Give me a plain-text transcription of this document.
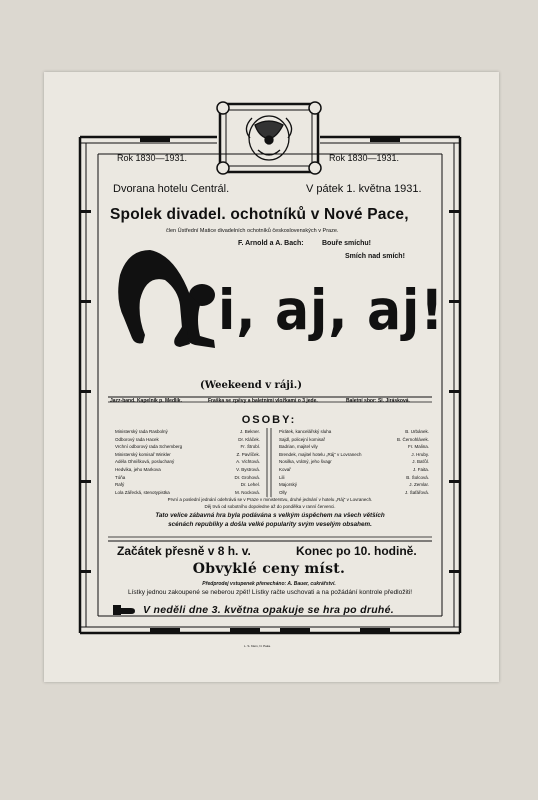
Rok 1830—1931.	Rok 1830—1931.
Dvorana hotelu Centrál.	V pátek 1. května 1931.
Spolek divadel. ochotníků v Nové Pace,
člen Ústřední Matice divadelních ochotníků československých v Praze.
F. Arnold a A. Bach:	Bouře smíchu!
Smích nad smích!
i, aj, aj!
(Weekeend v ráji.)
Jazz-band. Kapelník p. Medlík.	Fraška se zpěvy a baletními vložkami o 3 jede.	Baletní sbor: Sl. Jirásková.
OSOBY:
Ministerský rada Rasbolný	J. Bekner.
Odborový rada Hacek	Dr. Kláček.
Vrchní odborový rada Schemberg	Fr. Štrobl.
Ministerský komisař Winkler	Z. Pavlíček.
Adéla Ohnišková, posluchaný	A. Vichtová.
Hedvika, jeho Markova	V. Bystrová.
Tóňa	Dr. Grohová.
Rafý	Dr. Lehel.
Lola Zářecká, stenotypistka	M. Nocková.
Pirátek, kancelářský sluha	B. Urbánek.
Sajdl, policejní komisař	B. Černohlávek.
Badrian, majitel vily	Fr. Malina.
Brendek, majitel hotelu „Ráj“ v Lovranech	J. Hruby.
Nosilka, vrátný, jeho švagr	J. Baťůl.
Kovař	J. Faita.
Lili	B. Šolcová.
Majorský	J. Zemlar.
Olly	J. Šafářová.
První a poslední jednání odehrává se v Praze v ministerstvu, druhé jednání v hotelu „Ráj“ v Lovranech.
Děj trvá od sobotního dopoledne až do pondělka v ranní červenci.
Tato velice zábavná hra byla podávána s velkým úspěchem na všech větších
scénách republiky a došla velké popularity svým veselým obsahem.
Začátek přesně v 8 h. v.	Konec po 10. hodině.
Obvyklé ceny míst.
Předprodej vstupenek přenecháno: A. Bauer, cukrářství.
Lístky jednou zakoupené se neberou zpět! Lístky račte uschovati a na požádání kontrole předložiti!
V neděli dne 3. května opakuje se hra po druhé.
L. S. Klein, N. Paka.
